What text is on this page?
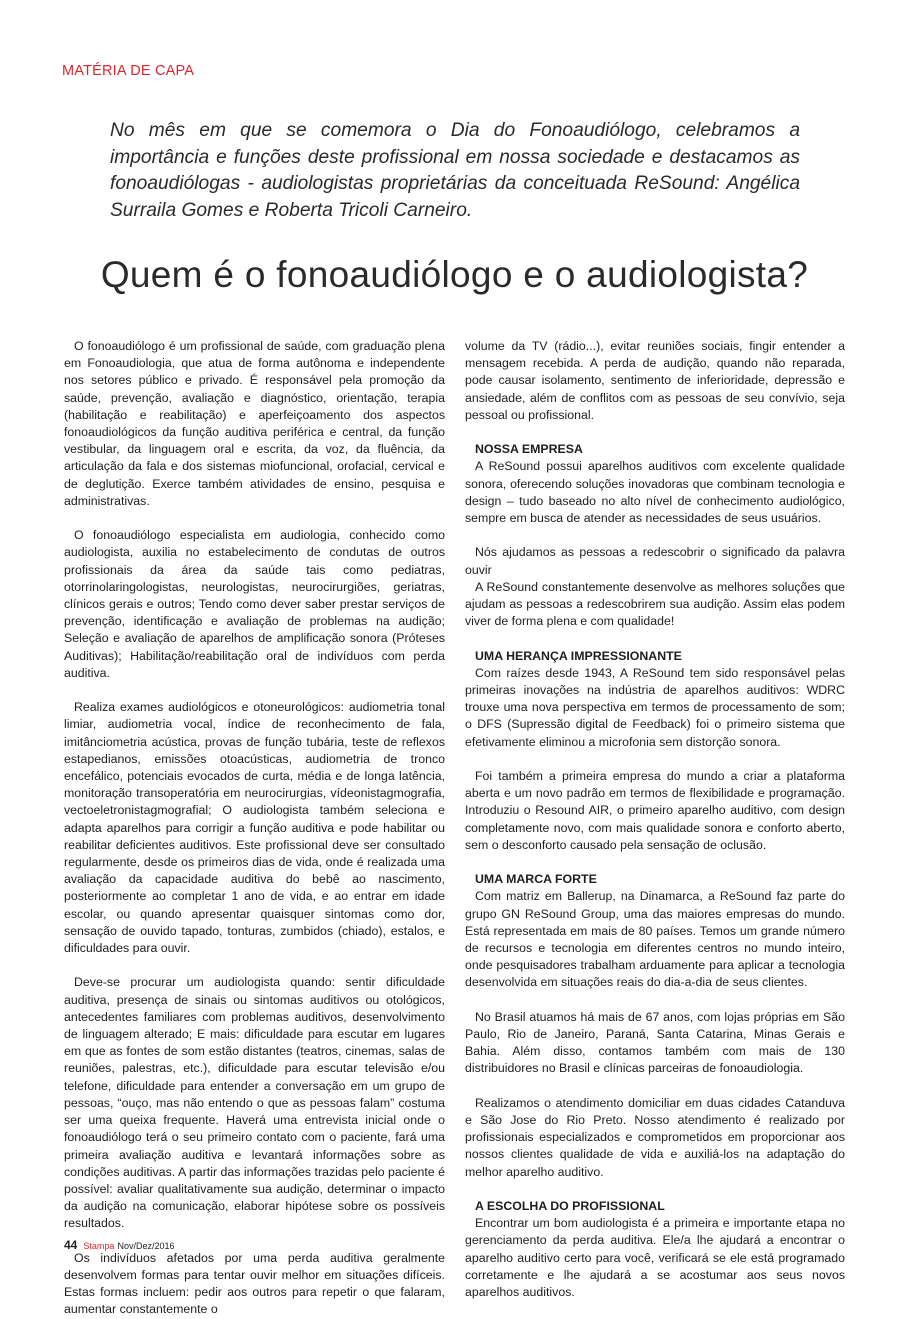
MATÉRIA DE CAPA

No mês em que se comemora o Dia do Fonoaudiólogo, celebramos a importância e funções deste profissional em nossa sociedade e destacamos as fonoaudiólogas - audiologistas proprietárias da conceituada ReSound: Angélica Surraila Gomes e Roberta Tricoli Carneiro.

Quem é o fonoaudiólogo e o audiologista?

O fonoaudiólogo é um profissional de saúde, com graduação plena em Fonoaudiologia, que atua de forma autônoma e independente nos setores público e privado. É responsável pela promoção da saúde, prevenção, avaliação e diagnóstico, orientação, terapia (habilitação e reabilitação) e aperfeiçoamento dos aspectos fonoaudiológicos da função auditiva periférica e central, da função vestibular, da linguagem oral e escrita, da voz, da fluência, da articulação da fala e dos sistemas miofuncional, orofacial, cervical e de deglutição. Exerce também atividades de ensino, pesquisa e administrativas.

O fonoaudiólogo especialista em audiologia, conhecido como audiologista, auxilia no estabelecimento de condutas de outros profissionais da área da saúde tais como pediatras, otorrinolaringologistas, neurologistas, neurocirurgiões, geriatras, clínicos gerais e outros; Tendo como dever saber prestar serviços de prevenção, identificação e avaliação de problemas na audição; Seleção e avaliação de aparelhos de amplificação sonora (Próteses Auditivas); Habilitação/reabilitação oral de indivíduos com perda auditiva.

Realiza exames audiológicos e otoneurológicos: audiometria tonal limiar, audiometria vocal, índice de reconhecimento de fala, imitânciometria acústica, provas de função tubária, teste de reflexos estapedianos, emissões otoacústicas, audiometria de tronco encefálico, potenciais evocados de curta, média e de longa latência, monitoração transoperatória em neurocirurgias, vídeonistagmografia, vectoeletronistagmografial; O audiologista também seleciona e adapta aparelhos para corrigir a função auditiva e pode habilitar ou reabilitar deficientes auditivos. Este profissional deve ser consultado regularmente, desde os primeiros dias de vida, onde é realizada uma avaliação da capacidade auditiva do bebê ao nascimento, posteriormente ao completar 1 ano de vida, e ao entrar em idade escolar, ou quando apresentar quaisquer sintomas como dor, sensação de ouvido tapado, tonturas, zumbidos (chiado), estalos, e dificuldades para ouvir.

Deve-se procurar um audiologista quando: sentir dificuldade auditiva, presença de sinais ou sintomas auditivos ou otológicos, antecedentes familiares com problemas auditivos, desenvolvimento de linguagem alterado; E mais: dificuldade para escutar em lugares em que as fontes de som estão distantes (teatros, cinemas, salas de reuniões, palestras, etc.), dificuldade para escutar televisão e/ou telefone, dificuldade para entender a conversação em um grupo de pessoas, “ouço, mas não entendo o que as pessoas falam” costuma ser uma queixa frequente. Haverá uma entrevista inicial onde o fonoaudiólogo terá o seu primeiro contato com o paciente, fará uma primeira avaliação auditiva e levantará informações sobre as condições auditivas. A partir das informações trazidas pelo paciente é possível: avaliar qualitativamente sua audição, determinar o impacto da audição na comunicação, elaborar hipótese sobre os possíveis resultados.

Os indivíduos afetados por uma perda auditiva geralmente desenvolvem formas para tentar ouvir melhor em situações difíceis. Estas formas incluem: pedir aos outros para repetir o que falaram, aumentar constantemente o

volume da TV (rádio...), evitar reuniões sociais, fingir entender a mensagem recebida. A perda de audição, quando não reparada, pode causar isolamento, sentimento de inferioridade, depressão e ansiedade, além de conflitos com as pessoas de seu convívio, seja pessoal ou profissional.

NOSSA EMPRESA

A ReSound possui aparelhos auditivos com excelente qualidade sonora, oferecendo soluções inovadoras que combinam tecnologia e design – tudo baseado no alto nível de conhecimento audiológico, sempre em busca de atender as necessidades de seus usuários.

Nós ajudamos as pessoas a redescobrir o significado da palavra ouvir

A ReSound constantemente desenvolve as melhores soluções que ajudam as pessoas a redescobrirem sua audição. Assim elas podem viver de forma plena e com qualidade!

UMA HERANÇA IMPRESSIONANTE

Com raízes desde 1943, A ReSound tem sido responsável pelas primeiras inovações na indústria de aparelhos auditivos: WDRC trouxe uma nova perspectiva em termos de processamento de som; o DFS (Supressão digital de Feedback) foi o primeiro sistema que efetivamente eliminou a microfonia sem distorção sonora.

Foi também a primeira empresa do mundo a criar a plataforma aberta e um novo padrão em termos de flexibilidade e programação. Introduziu o Resound AIR, o primeiro aparelho auditivo, com design completamente novo, com mais qualidade sonora e conforto aberto, sem o desconforto causado pela sensação de oclusão.

UMA MARCA FORTE

Com matriz em Ballerup, na Dinamarca, a ReSound faz parte do grupo GN ReSound Group, uma das maiores empresas do mundo. Está representada em mais de 80 países. Temos um grande número de recursos e tecnologia em diferentes centros no mundo inteiro, onde pesquisadores trabalham arduamente para aplicar a tecnologia desenvolvida em situações reais do dia-a-dia de seus clientes.

No Brasil atuamos há mais de 67 anos, com lojas próprias em São Paulo, Rio de Janeiro, Paraná, Santa Catarina, Minas Gerais e Bahia. Além disso, contamos também com mais de 130 distribuidores no Brasil e clínicas parceiras de fonoaudiologia.

Realizamos o atendimento domiciliar em duas cidades Catanduva e São Jose do Rio Preto. Nosso atendimento é realizado por profissionais especializados e comprometidos em proporcionar aos nossos clientes qualidade de vida e auxiliá-los na adaptação do melhor aparelho auditivo.

A ESCOLHA DO PROFISSIONAL

Encontrar um bom audiologista é a primeira e importante etapa no gerenciamento da perda auditiva. Ele/a lhe ajudará a encontrar o aparelho auditivo certo para você, verificará se ele está programado corretamente e lhe ajudará a se acostumar aos seus novos aparelhos auditivos.

44 Stampa Nov/Dez/2016
